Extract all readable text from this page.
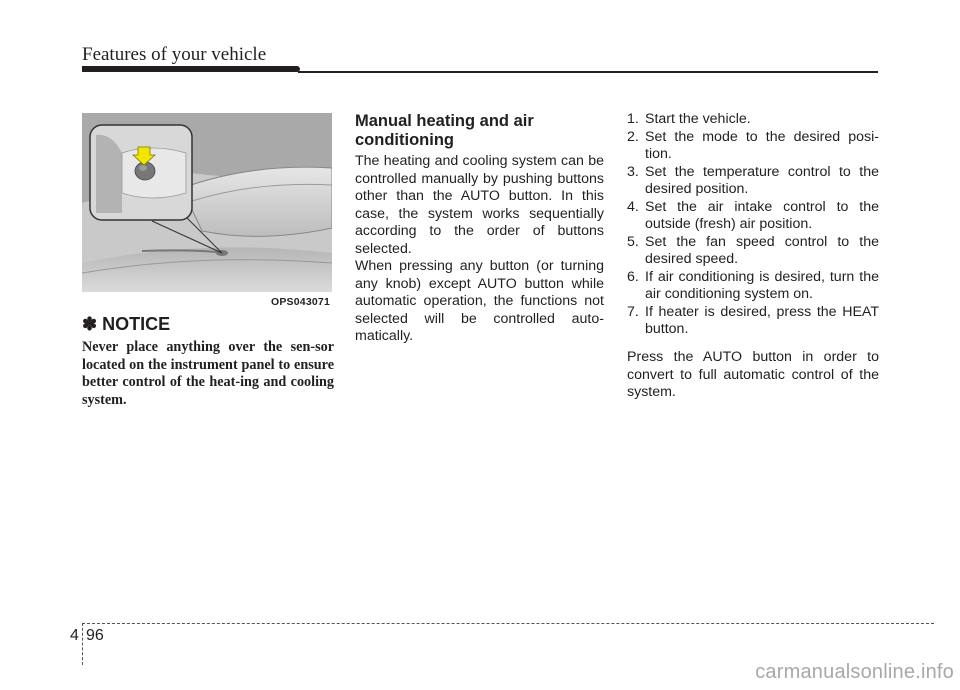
Features of your vehicle
OPS043071
✽ NOTICE
Never place anything over the sen-sor located on the instrument panel to ensure better control of the heat-ing and cooling system.
Manual heating and air conditioning
The heating and cooling system can be controlled manually by pushing buttons other than the AUTO button. In this case, the system works sequentially according to the order of buttons selected.
When pressing any button (or turning any knob) except AUTO button while automatic operation, the functions not selected will be controlled auto-matically.
1. Start the vehicle.
2. Set the mode to the desired posi-tion.
3. Set the temperature control to the desired position.
4. Set the air intake control to the outside (fresh) air position.
5. Set the fan speed control to the desired speed.
6. If air conditioning is desired, turn the air conditioning system on.
7. If heater is desired, press the HEAT button.
Press the AUTO button in order to convert to full automatic control of the system.
4 96
carmanualsonline.info
